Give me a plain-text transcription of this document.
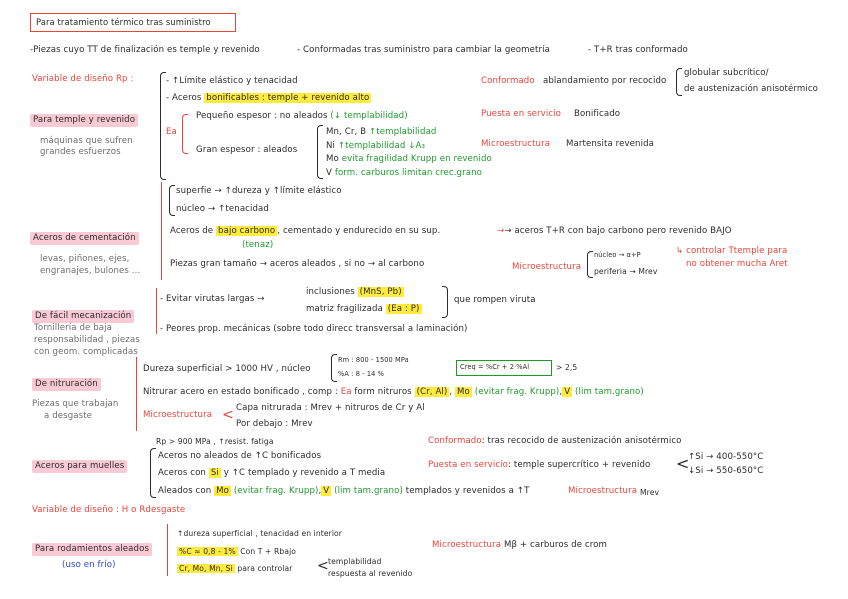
Para tratamiento térmico tras suministro
-Piezas cuyo TT de finalización es temple y revenido	- Conformadas tras suministro para cambiar la geometría	- T+R tras conformado
Variable de diseño Rp :	- ↑Límite elástico y tenacidad
- Aceros bonificables : temple + revenido alto
Para temple y revenido
máquinas que sufren
grandes esfuerzos
Ea
Pequeño espesor : no aleados (↓ templabilidad)
Gran espesor : aleados
Mn, Cr, B ↑templabilidad
Ni ↑templabilidad ↓A₃
Mo evita fragilidad Krupp en revenido
V form. carburos limitan crec.grano
Conformado ablandamiento por recocido
globular subcrítico/
de austenización anisotérmico
Puesta en servicio Bonificado
Microestructura Martensita revenida
superfie → ↑dureza y ↑límite elástico
núcleo → ↑tenacidad
Aceros de cementación
levas, piñones, ejes,
engranajes, bulones ...
Aceros de bajo carbono , cementado y endurecido en su sup.	→→ aceros T+R con bajo carbono pero revenido BAJO
(tenaz)
Piezas gran tamaño → aceros aleados , si no → al carbono	Microestructura
núcleo → α+P
periferia → Mrev
↳ controlar Ttemple para
no obtener mucha Aret
De fácil mecanización
Tornillería de baja
responsabilidad , piezas
con geom. complicadas
- Evitar virutas largas →
inclusiones (MnS, Pb)
matriz fragilizada (Ea : P)
que rompen viruta
- Peores prop. mecánicas (sobre todo direcc transversal a laminación)
De nitruración
Piezas que trabajan
a desgaste
Dureza superficial > 1000 HV , núcleo
Rm : 800 - 1500 MPa
%A : 8 - 14 %
Creq = %Cr + 2·%Al	> 2,5
Nitrurar acero en estado bonificado , comp : Ea form nitruros (Cr, Al) , Mo (evitar frag. Krupp), V (lim tam.grano)
Microestructura < Capa nitrurada : Mrev + nitruros de Cr y Al
Por debajo : Mrev
Rp > 900 MPa , ↑resist. fatiga
Aceros para muelles
Aceros no aleados de ↑C bonificados
Aceros con Si y ↑C templado y revenido a T media
Aleados con Mo (evitar frag. Krupp), V (lim tam.grano) templados y revenidos a ↑T	Microestructura Mrev
Conformado: tras recocido de austenización anisotérmico
Puesta en servicio: temple supercrítico + revenido <
↑Si → 400-550°C
↓Si → 550-650°C
Variable de diseño : H o Rdesgaste
Para rodamientos aleados
(uso en frío)
↑dureza superficial , tenacidad en interior
%C ≈ 0,8 - 1% Con T + Rbajo
Cr, Mo, Mn, Si para controlar < templabilidad
respuesta al revenido
Microestructura Mβ + carburos de crom
